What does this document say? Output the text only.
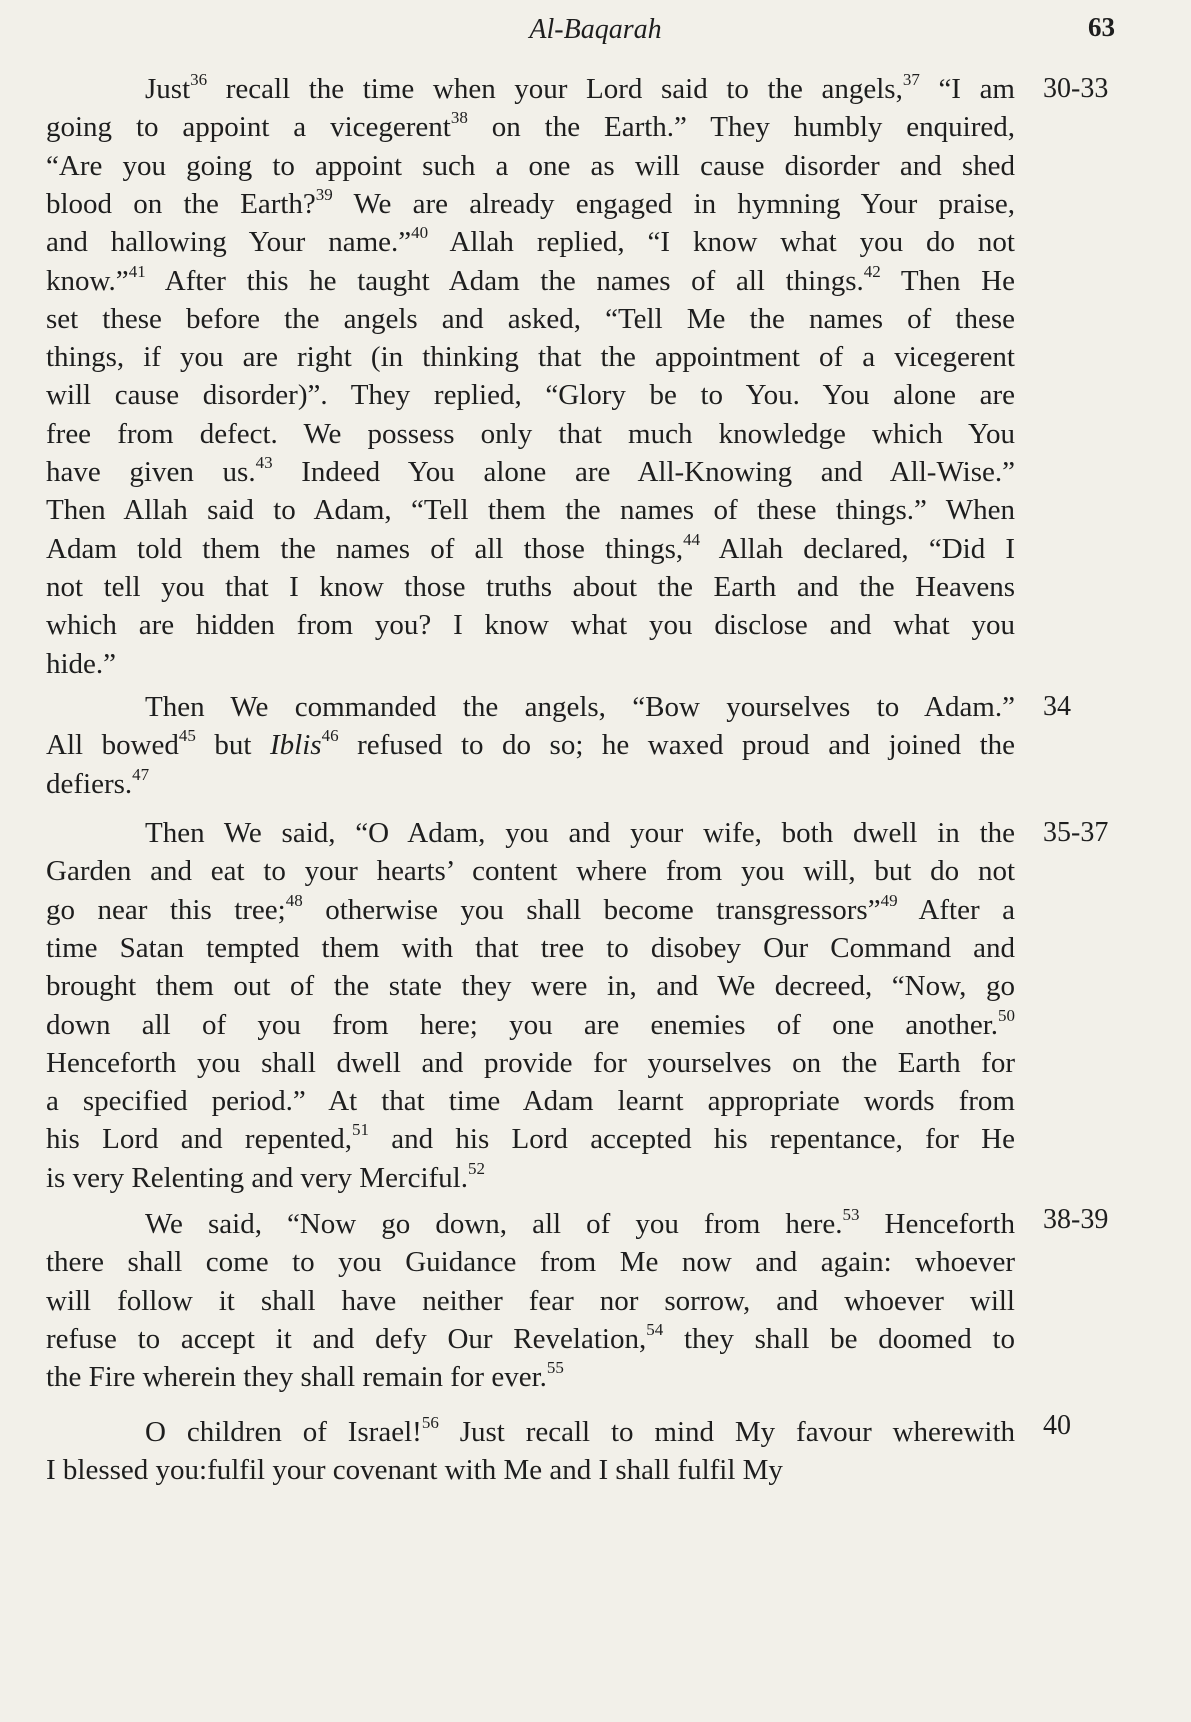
Al-Baqarah	63
30-33
Just$^{36}$ recall the time when your Lord said to the angels,$^{37}$ “I am
going to appoint a vicegerent$^{38}$ on the Earth.” They humbly enquired,
“Are you going to appoint such a one as will cause disorder and shed
blood on the Earth?$^{39}$ We are already engaged in hymning Your praise,
and hallowing Your name.”$^{40}$ Allah replied, “I know what you do not
know.”$^{41}$ After this he taught Adam the names of all things.$^{42}$ Then He
set these before the angels and asked, “Tell Me the names of these
things, if you are right (in thinking that the appointment of a vicegerent
will cause disorder)”. They replied, “Glory be to You. You alone are
free from defect. We possess only that much knowledge which You
have given us.$^{43}$ Indeed You alone are All-Knowing and All-Wise.”
Then Allah said to Adam, “Tell them the names of these things.” When
Adam told them the names of all those things,$^{44}$ Allah declared, “Did I
not tell you that I know those truths about the Earth and the Heavens
which are hidden from you? I know what you disclose and what you
hide.”
34
Then We commanded the angels, “Bow yourselves to Adam.”
All bowed$^{45}$ but Iblis$^{46}$ refused to do so; he waxed proud and joined the
defiers.$^{47}$
35-37
Then We said, “O Adam, you and your wife, both dwell in the
Garden and eat to your hearts’ content where from you will, but do not
go near this tree;$^{48}$ otherwise you shall become transgressors”$^{49}$ After a
time Satan tempted them with that tree to disobey Our Command and
brought them out of the state they were in, and We decreed, “Now, go
down all of you from here; you are enemies of one another.$^{50}$
Henceforth you shall dwell and provide for yourselves on the Earth for
a specified period.” At that time Adam learnt appropriate words from
his Lord and repented,$^{51}$ and his Lord accepted his repentance, for He
is very Relenting and very Merciful.$^{52}$
38-39
We said, “Now go down, all of you from here.$^{53}$ Henceforth
there shall come to you Guidance from Me now and again: whoever
will follow it shall have neither fear nor sorrow, and whoever will
refuse to accept it and defy Our Revelation,$^{54}$ they shall be doomed to
the Fire wherein they shall remain for ever.$^{55}$
40
O children of Israel!$^{56}$ Just recall to mind My favour wherewith
I blessed you:fulfil your covenant with Me and I shall fulfil My
